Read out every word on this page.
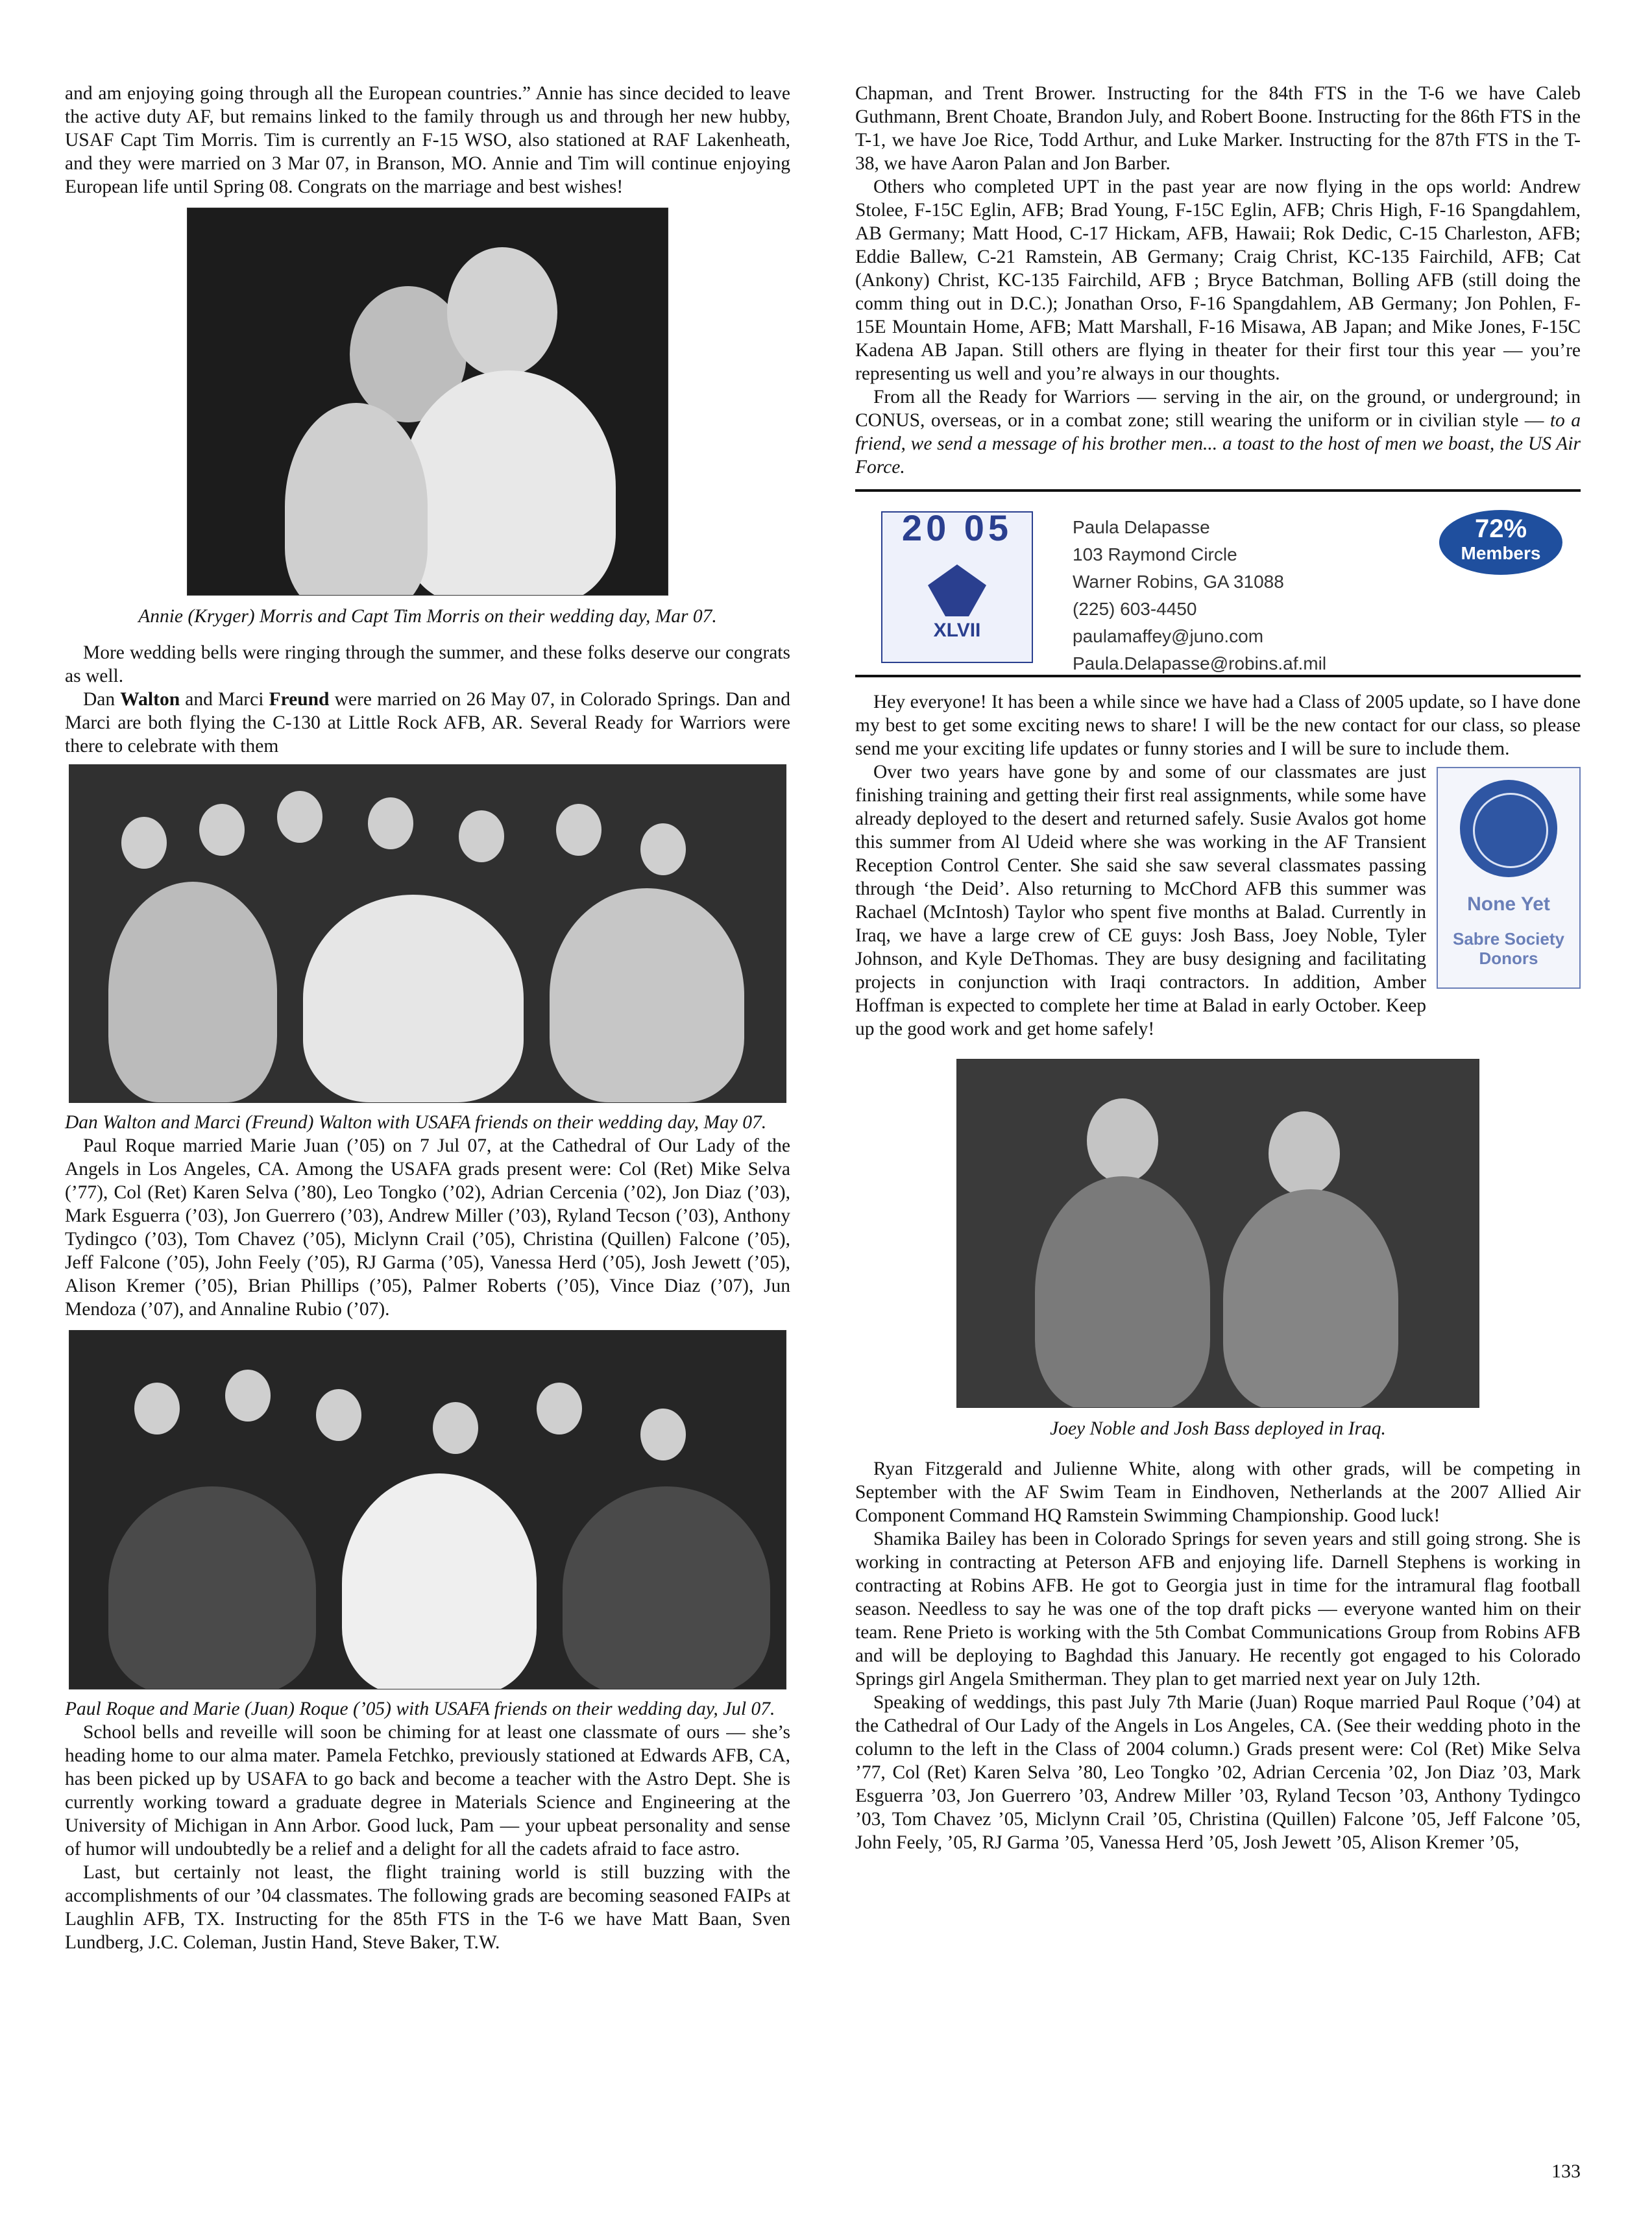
and am enjoying going through all the European countries.” Annie has since decided to leave the active duty AF, but remains linked to the family through us and through her new hubby, USAF Capt Tim Morris. Tim is currently an F-15 WSO, also stationed at RAF Lakenheath, and they were married on 3 Mar 07, in Branson, MO. Annie and Tim will continue enjoying European life until Spring 08. Congrats on the marriage and best wishes!

Annie (Kryger) Morris and Capt Tim Morris on their wedding day, Mar 07.

More wedding bells were ringing through the summer, and these folks deserve our congrats as well.

Dan Walton and Marci Freund were married on 26 May 07, in Colorado Springs. Dan and Marci are both flying the C-130 at Little Rock AFB, AR. Several Ready for Warriors were there to celebrate with them

Dan Walton and Marci (Freund) Walton with USAFA friends on their wedding day, May 07.

Paul Roque married Marie Juan (’05) on 7 Jul 07, at the Cathedral of Our Lady of the Angels in Los Angeles, CA. Among the USAFA grads present were: Col (Ret) Mike Selva (’77), Col (Ret) Karen Selva (’80), Leo Tongko (’02), Adrian Cercenia (’02), Jon Diaz (’03), Mark Esguerra (’03), Jon Guerrero (’03), Andrew Miller (’03), Ryland Tecson (’03), Anthony Tydingco (’03), Tom Chavez (’05), Miclynn Crail (’05), Christina (Quillen) Falcone (’05), Jeff Falcone (’05), John Feely (’05), RJ Garma (’05), Vanessa Herd (’05), Josh Jewett (’05), Alison Kremer (’05), Brian Phillips (’05), Palmer Roberts (’05), Vince Diaz (’07), Jun Mendoza (’07), and Annaline Rubio (’07).

Paul Roque and Marie (Juan) Roque (’05) with USAFA friends on their wedding day, Jul 07.

School bells and reveille will soon be chiming for at least one classmate of ours — she’s heading home to our alma mater. Pamela Fetchko, previously stationed at Edwards AFB, CA, has been picked up by USAFA to go back and become a teacher with the Astro Dept. She is currently working toward a graduate degree in Materials Science and Engineering at the University of Michigan in Ann Arbor. Good luck, Pam — your upbeat personality and sense of humor will undoubtedly be a relief and a delight for all the cadets afraid to face astro.

Last, but certainly not least, the flight training world is still buzzing with the accomplishments of our ’04 classmates. The following grads are becoming seasoned FAIPs at Laughlin AFB, TX. Instructing for the 85th FTS in the T-6 we have Matt Baan, Sven Lundberg, J.C. Coleman, Justin Hand, Steve Baker, T.W.

Chapman, and Trent Brower. Instructing for the 84th FTS in the T-6 we have Caleb Guthmann, Brent Choate, Brandon July, and Robert Boone. Instructing for the 86th FTS in the T-1, we have Joe Rice, Todd Arthur, and Luke Marker. Instructing for the 87th FTS in the T-38, we have Aaron Palan and Jon Barber.

Others who completed UPT in the past year are now flying in the ops world: Andrew Stolee, F-15C Eglin, AFB; Brad Young, F-15C Eglin, AFB; Chris High, F-16 Spangdahlem, AB Germany; Matt Hood, C-17 Hickam, AFB, Hawaii; Rok Dedic, C-15 Charleston, AFB; Eddie Ballew, C-21 Ramstein, AB Germany; Craig Christ, KC-135 Fairchild, AFB; Cat (Ankony) Christ, KC-135 Fairchild, AFB ; Bryce Batchman, Bolling AFB (still doing the comm thing out in D.C.); Jonathan Orso, F-16 Spangdahlem, AB Germany; Jon Pohlen, F-15E Mountain Home, AFB; Matt Marshall, F-16 Misawa, AB Japan; and Mike Jones, F-15C Kadena AB Japan. Still others are flying in theater for their first tour this year — you’re representing us well and you’re always in our thoughts.

From all the Ready for Warriors — serving in the air, on the ground, or underground; in CONUS, overseas, or in a combat zone; still wearing the uniform or in civilian style — to a friend, we send a message of his brother men... a toast to the host of men we boast, the US Air Force.

20 05
XLVII
Paula Delapasse
103 Raymond Circle
Warner Robins, GA 31088
(225) 603-4450
paulamaffey@juno.com
Paula.Delapasse@robins.af.mil
72%
Members

Hey everyone! It has been a while since we have had a Class of 2005 update, so I have done my best to get some exciting news to share! I will be the new contact for our class, so please send me your exciting life updates or funny stories and I will be sure to include them.

None Yet
Sabre Society Donors

Over two years have gone by and some of our classmates are just finishing training and getting their first real assignments, while some have already deployed to the desert and returned safely. Susie Avalos got home this summer from Al Udeid where she was working in the AF Transient Reception Control Center. She said she saw several classmates passing through ‘the Deid’. Also returning to McChord AFB this summer was Rachael (McIntosh) Taylor who spent five months at Balad. Currently in Iraq, we have a large crew of CE guys: Josh Bass, Joey Noble, Tyler Johnson, and Kyle DeThomas. They are busy designing and facilitating projects in conjunction with Iraqi contractors. In addition, Amber Hoffman is expected to complete her time at Balad in early October. Keep up the good work and get home safely!

Joey Noble and Josh Bass deployed in Iraq.

Ryan Fitzgerald and Julienne White, along with other grads, will be competing in September with the AF Swim Team in Eindhoven, Netherlands at the 2007 Allied Air Component Command HQ Ramstein Swimming Championship. Good luck!

Shamika Bailey has been in Colorado Springs for seven years and still going strong. She is working in contracting at Peterson AFB and enjoying life. Darnell Stephens is working in contracting at Robins AFB. He got to Georgia just in time for the intramural flag football season. Needless to say he was one of the top draft picks — everyone wanted him on their team. Rene Prieto is working with the 5th Combat Communications Group from Robins AFB and will be deploying to Baghdad this January. He recently got engaged to his Colorado Springs girl Angela Smitherman. They plan to get married next year on July 12th.

Speaking of weddings, this past July 7th Marie (Juan) Roque married Paul Roque (’04) at the Cathedral of Our Lady of the Angels in Los Angeles, CA. (See their wedding photo in the column to the left in the Class of 2004 column.) Grads present were: Col (Ret) Mike Selva ’77, Col (Ret) Karen Selva ’80, Leo Tongko ’02, Adrian Cercenia ’02, Jon Diaz ’03, Mark Esguerra ’03, Jon Guerrero ’03, Andrew Miller ’03, Ryland Tecson ’03, Anthony Tydingco ’03, Tom Chavez ’05, Miclynn Crail ’05, Christina (Quillen) Falcone ’05, Jeff Falcone ’05, John Feely, ’05, RJ Garma ’05, Vanessa Herd ’05, Josh Jewett ’05, Alison Kremer ’05,

133
